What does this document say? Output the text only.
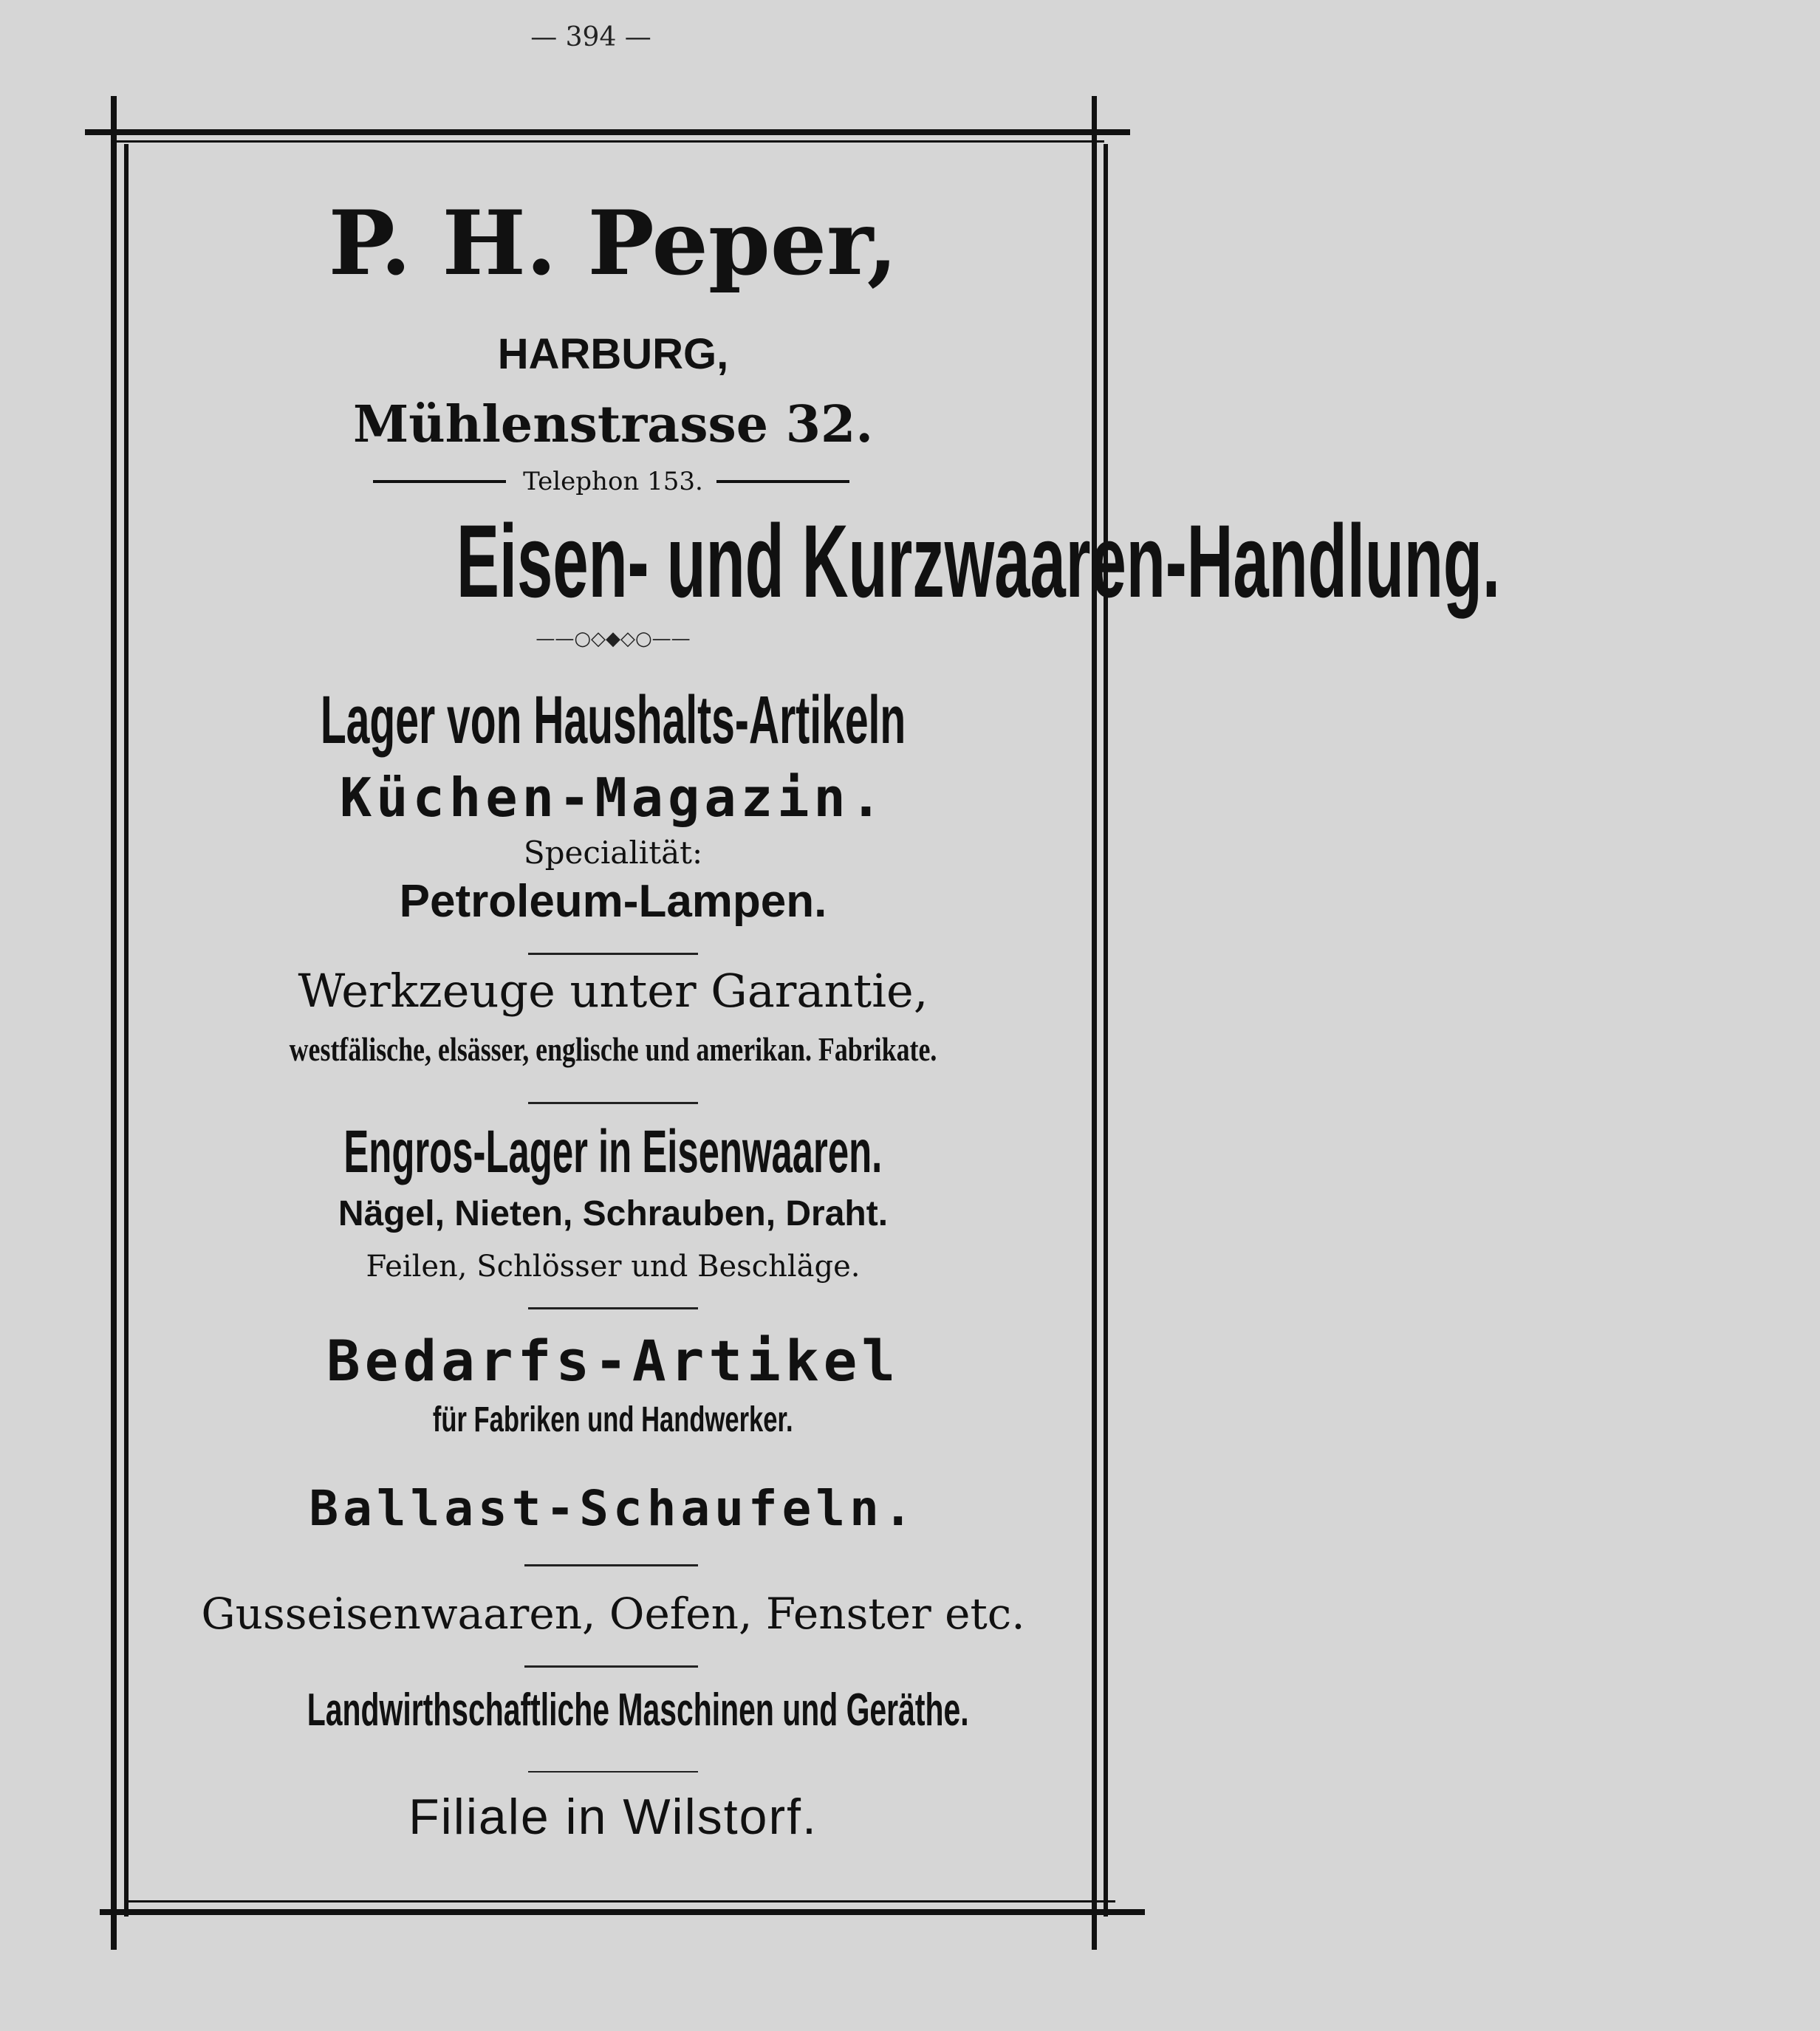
— 394 —
P. H. Peper,
HARBURG,
Mühlenstrasse 32.
Telephon 153.
Eisen- und Kurzwaaren-Handlung.
——○◇◆◇○——
Lager von Haushalts-Artikeln
Küchen-Magazin.
Specialität:
Petroleum-Lampen.
Werkzeuge unter Garantie,
westfälische, elsässer, englische und amerikan. Fabrikate.
Engros-Lager in Eisenwaaren.
Nägel, Nieten, Schrauben, Draht.
Feilen, Schlösser und Beschläge.
Bedarfs-Artikel
für Fabriken und Handwerker.
Ballast-Schaufeln.
Gusseisenwaaren, Oefen, Fenster etc.
Landwirthschaftliche Maschinen und Geräthe.
Filiale in Wilstorf.
